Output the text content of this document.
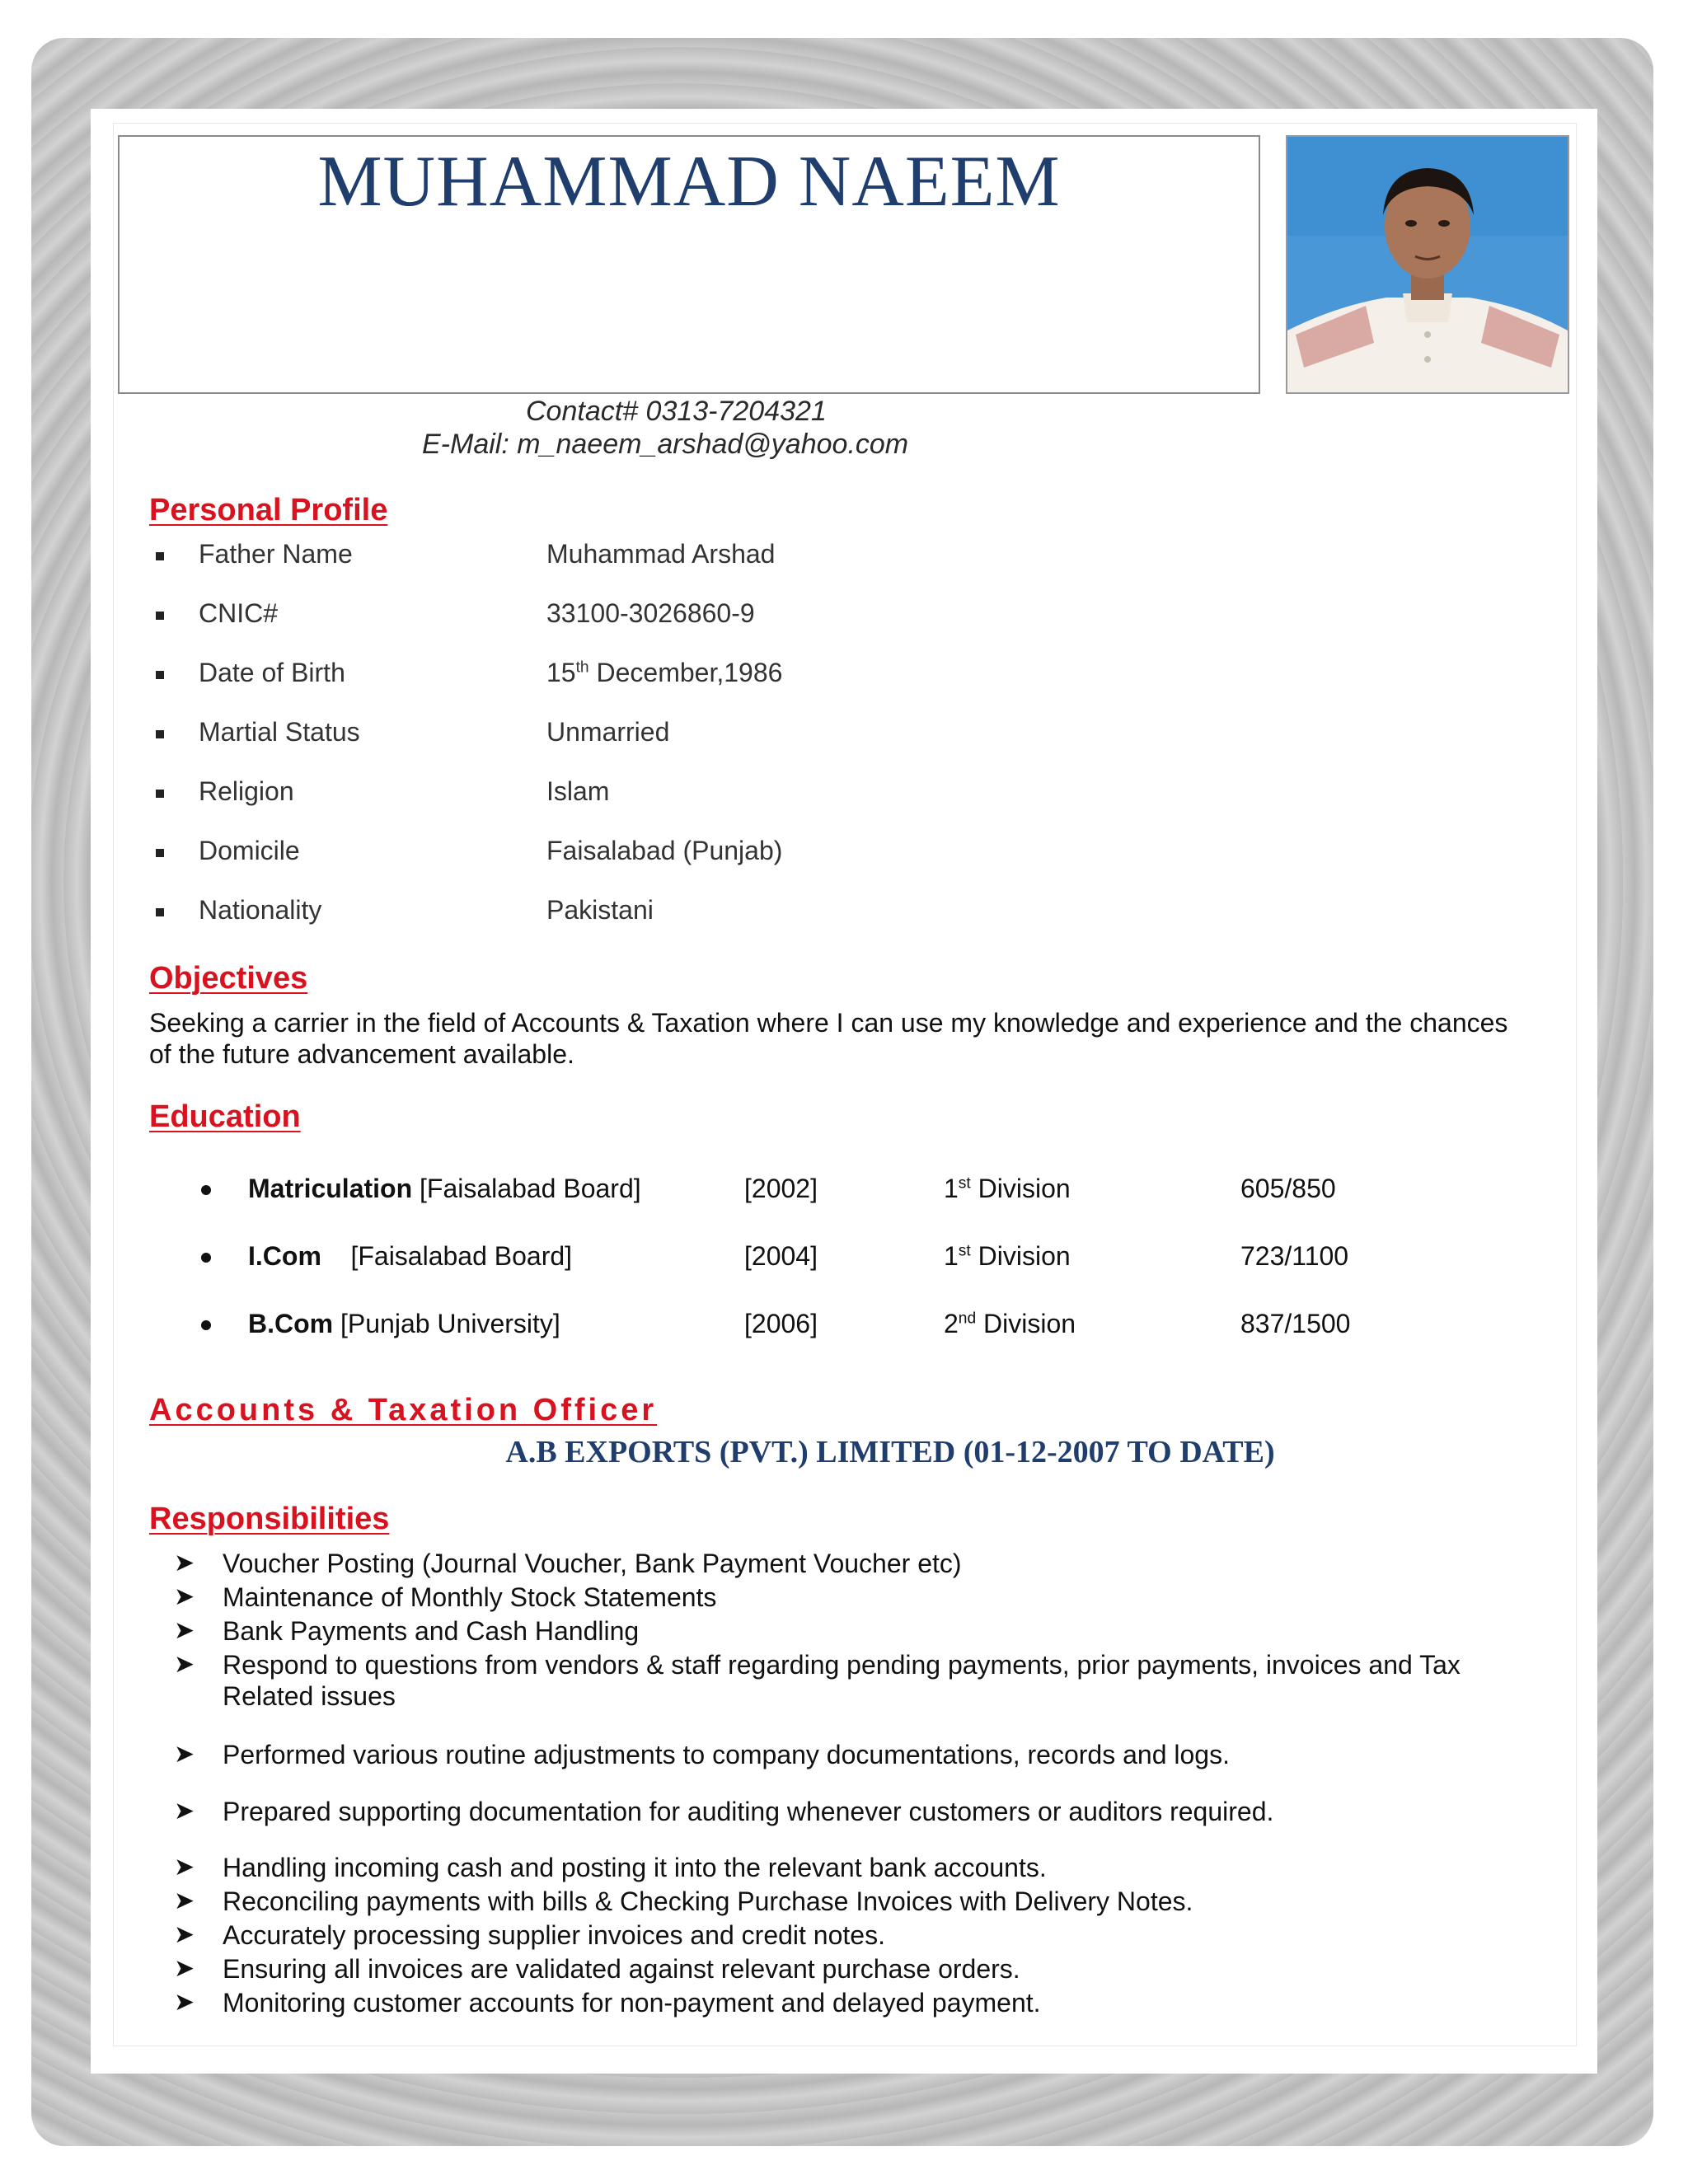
MUHAMMAD NAEEM
Contact# 0313-7204321
E-Mail: m_naeem_arshad@yahoo.com
Personal Profile
Father Name	Muhammad Arshad
CNIC#	33100-3026860-9
Date of Birth	15th December,1986
Martial Status	Unmarried
Religion	Islam
Domicile	Faisalabad (Punjab)
Nationality	Pakistani
Objectives

Seeking a carrier in the field of Accounts & Taxation where I can use my knowledge and experience and the chances of the future advancement available.

Education
Matriculation [Faisalabad Board]	[2002]	1st Division	605/850
I.Com    [Faisalabad Board]	[2004]	1st Division	723/1100
B.Com [Punjab University]	[2006]	2nd Division	837/1500
Accounts & Taxation Officer

A.B EXPORTS (PVT.) LIMITED (01-12-2007 TO DATE)

Responsibilities
➤ Voucher Posting (Journal Voucher, Bank Payment Voucher etc)
➤ Maintenance of Monthly Stock Statements
➤ Bank Payments and Cash Handling
➤ Respond to questions from vendors & staff regarding pending payments, prior payments, invoices and Tax Related issues
➤ Performed various routine adjustments to company documentations, records and logs.
➤ Prepared supporting documentation for auditing whenever customers or auditors required.
➤ Handling incoming cash and posting it into the relevant bank accounts.
➤ Reconciling payments with bills & Checking Purchase Invoices with Delivery Notes.
➤ Accurately processing supplier invoices and credit notes.
➤ Ensuring all invoices are validated against relevant purchase orders.
➤ Monitoring customer accounts for non-payment and delayed payment.
